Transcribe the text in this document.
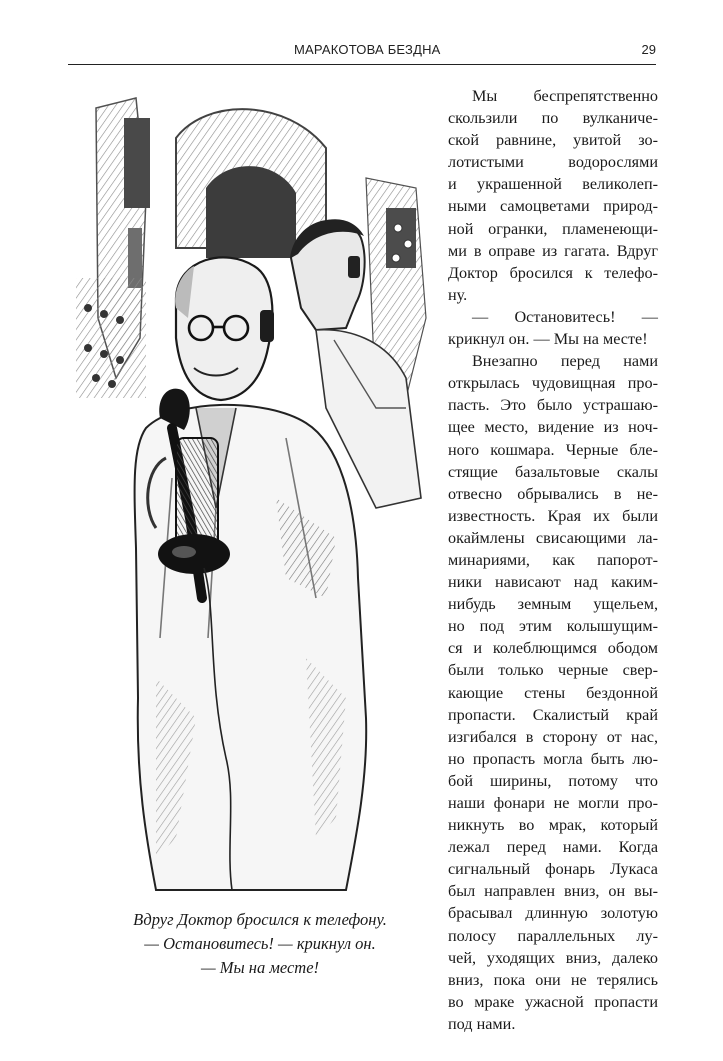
МАРАКОТОВА БЕЗДНА	29
Вдруг Доктор бросился к телефону.
— Остановитесь! — крикнул он.
— Мы на месте!
Мы беспрепятственно
скользили по вулканиче-
ской равнине, увитой зо-
лотистыми водорослями
и украшенной великолеп-
ными самоцветами природ-
ной огранки, пламенеющи-
ми в оправе из гагата. Вдруг
Доктор бросился к телефо-
ну.
— Остановитесь! —
крикнул он. — Мы на месте!
Внезапно перед нами
открылась чудовищная про-
пасть. Это было устрашаю-
щее место, видение из ноч-
ного кошмара. Черные бле-
стящие базальтовые скалы
отвесно обрывались в не-
известность. Края их были
окаймлены свисающими ла-
минариями, как папорот-
ники нависают над каким-
нибудь земным ущельем,
но под этим колышущим-
ся и колеблющимся ободом
были только черные свер-
кающие стены бездонной
пропасти. Скалистый край
изгибался в сторону от нас,
но пропасть могла быть лю-
бой ширины, потому что
наши фонари не могли про-
никнуть во мрак, который
лежал перед нами. Когда
сигнальный фонарь Лукаса
был направлен вниз, он вы-
брасывал длинную золотую
полосу параллельных лу-
чей, уходящих вниз, далеко
вниз, пока они не терялись
во мраке ужасной пропасти
под нами.
